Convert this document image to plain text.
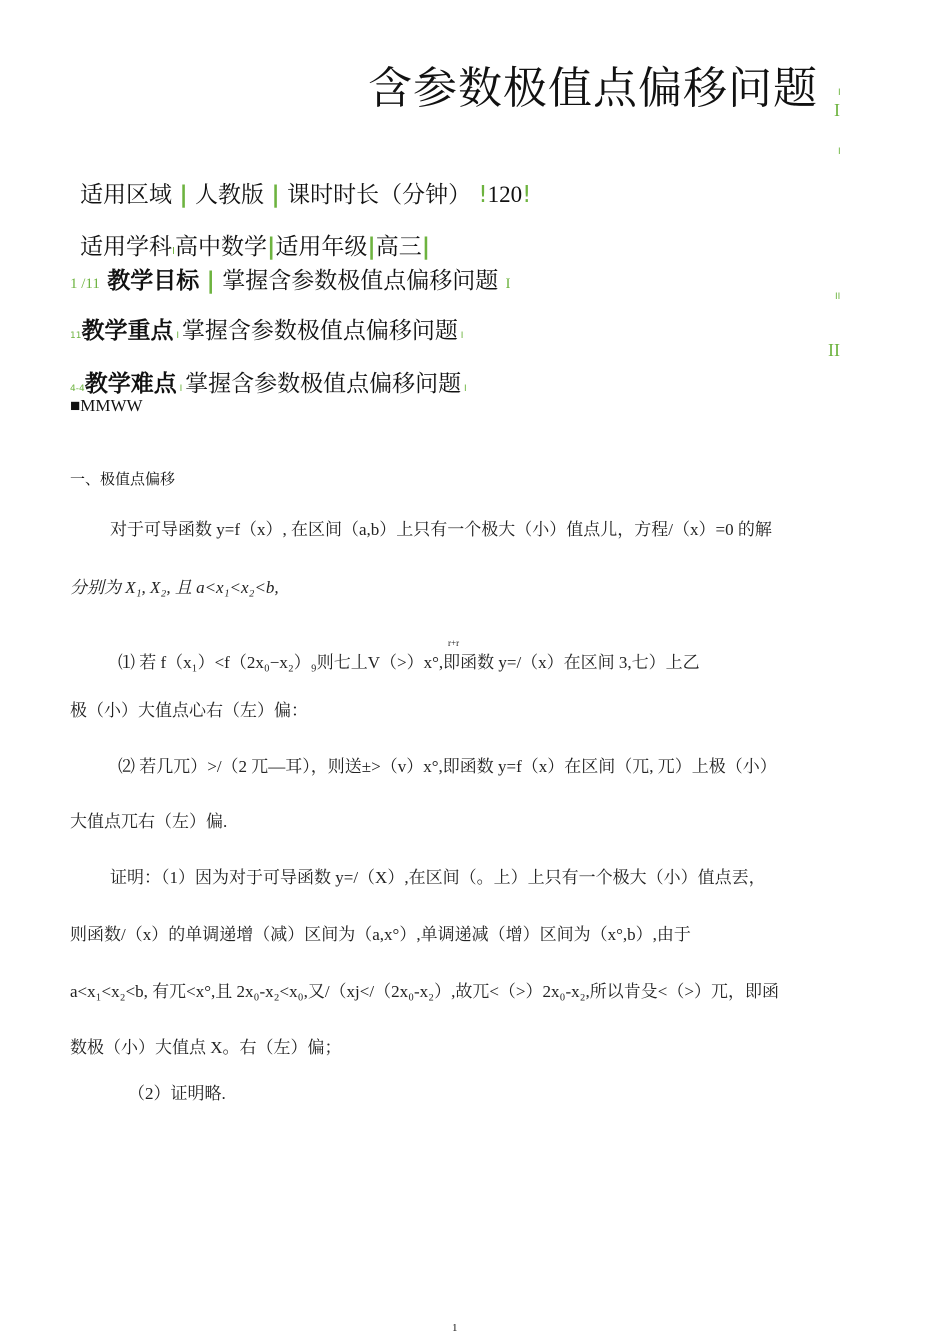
含参数极值点偏移问题 I
I
I
II
II
适用区域 | 人教版 | 课时时长（分钟） !120!
适用学科I高中数学|适用年级|高三|
1 /11 教学目标 | 掌握含参数极值点偏移问题 I
11教学重点 I 掌握含参数极值点偏移问题 I
4-4教学难点 I 掌握含参数极值点偏移问题 I
■MMWW
一、极值点偏移
对于可导函数 y=f（x）, 在区间（a,b）上只有一个极大（小）值点儿，方程/（x）=0 的解
分别为 X₁, X₂, 且 a<x₁<x₂<b,
r+r
⑴ 若 f（x₁）<f（2x₀−x₂）₉则七丄V（>）x°,即函数 y=/（x）在区间 3,七）上乙
极（小）大值点心右（左）偏：
⑵ 若几兀）>/（2 兀—耳），则送±>（v）x°,即函数 y=f（x）在区间（兀, 兀）上极（小）
大值点兀右（左）偏.
证明：（1）因为对于可导函数 y=/（X）,在区间（。上）上只有一个极大（小）值点丟，
则函数/（x）的单调递增（减）区间为（a,x°）,单调递减（增）区间为（x°,b）,由于
a<x₁<x₂<b, 有兀<x°,且 2x₀-x₂<x₀,又/（xj</（2x₀-x₂）,故兀<（>）2x₀-x₂,所以肯殳<（>）兀，即函
数极（小）大值点 X。右（左）偏；
（2）证明略.
1
